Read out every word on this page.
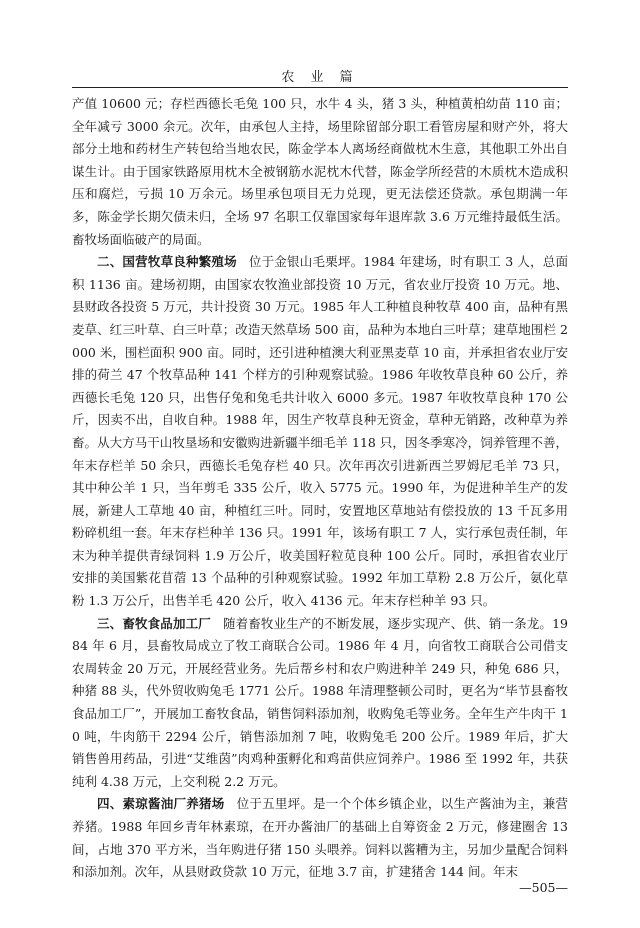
农 业 篇

产值 10600 元；存栏西德长毛兔 100 只，水牛 4 头，猪 3 头，种植黄柏幼苗 110 亩；全年减亏 3000 余元。次年，由承包人主持，场里除留部分职工看管房屋和财产外，将大部分土地和药材生产转包给当地农民，陈金学本人离场经商做枕木生意，其他职工外出自谋生计。由于国家铁路原用枕木全被钢筋水泥枕木代替，陈金学所经营的木质枕木造成积压和腐烂，亏损 10 万余元。场里承包项目无力兑现，更无法偿还贷款。承包期满一年多，陈金学长期欠债未归，全场 97 名职工仅靠国家每年退库款 3.6 万元维持最低生活。畜牧场面临破产的局面。

二、国营牧草良种繁殖场 位于金银山毛栗坪。1984 年建场，时有职工 3 人，总面积 1136 亩。建场初期，由国家农牧渔业部投资 10 万元，省农业厅投资 10 万元。地、县财政各投资 5 万元，共计投资 30 万元。1985 年人工种植良种牧草 400 亩，品种有黑麦草、红三叶草、白三叶草；改造天然草场 500 亩，品种为本地白三叶草；建草地围栏 2000 米，围栏面积 900 亩。同时，还引进种植澳大利亚黑麦草 10 亩，并承担省农业厅安排的荷兰 47 个牧草品种 141 个样方的引种观察试验。1986 年收牧草良种 60 公斤，养西德长毛兔 120 只，出售仔兔和兔毛共计收入 6000 多元。1987 年收牧草良种 170 公斤，因卖不出，自收自种。1988 年，因生产牧草良种无资金，草种无销路，改种草为养畜。从大方马干山牧垦场和安徽购进新疆半细毛羊 118 只，因冬季寒冷，饲养管理不善，年末存栏羊 50 余只，西德长毛兔存栏 40 只。次年再次引进新西兰罗姆尼毛羊 73 只，其中种公羊 1 只，当年剪毛 335 公斤，收入 5775 元。1990 年，为促进种羊生产的发展，新建人工草地 40 亩，种植红三叶。同时，安置地区草地站有偿投放的 13 千瓦多用粉碎机组一套。年末存栏种羊 136 只。1991 年，该场有职工 7 人，实行承包责任制，年末为种羊提供青绿饲料 1.9 万公斤，收美国籽粒苋良种 100 公斤。同时，承担省农业厅安排的美国紫花苜蓿 13 个品种的引种观察试验。1992 年加工草粉 2.8 万公斤，氨化草粉 1.3 万公斤，出售羊毛 420 公斤，收入 4136 元。年末存栏种羊 93 只。

三、畜牧食品加工厂 随着畜牧业生产的不断发展，逐步实现产、供、销一条龙。1984 年 6 月，县畜牧局成立了牧工商联合公司。1986 年 4 月，向省牧工商联合公司借支农周转金 20 万元，开展经营业务。先后帮乡村和农户购进种羊 249 只，种兔 686 只，种猪 88 头，代外贸收购兔毛 1771 公斤。1988 年清理整顿公司时，更名为“毕节县畜牧食品加工厂”，开展加工畜牧食品，销售饲料添加剂，收购兔毛等业务。全年生产牛肉干 10 吨，牛肉筋干 2294 公斤，销售添加剂 7 吨，收购兔毛 200 公斤。1989 年后，扩大销售兽用药品，引进“艾维茵”肉鸡种蛋孵化和鸡苗供应饲养户。1986 至 1992 年，共获纯利 4.38 万元，上交利税 2.2 万元。

四、素琼酱油厂养猪场 位于五里坪。是一个个体乡镇企业，以生产酱油为主，兼营养猪。1988 年回乡青年林素琼，在开办酱油厂的基础上自筹资金 2 万元，修建圈舍 13 间，占地 370 平方米，当年购进仔猪 150 头喂养。饲料以酱糟为主，另加少量配合饲料和添加剂。次年，从县财政贷款 10 万元，征地 3.7 亩，扩建猪舍 144 间。年末

—505—
